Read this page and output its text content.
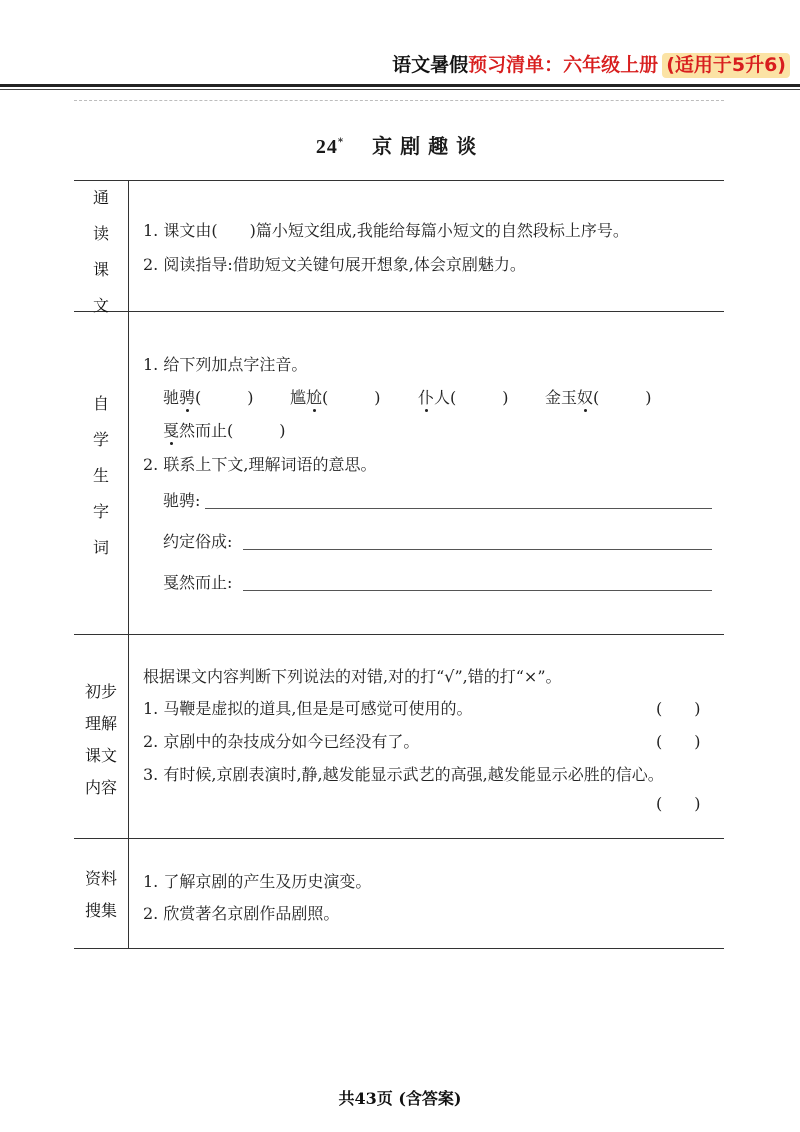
语文暑假预习清单：六年级上册 (适用于5升6)
24* 京剧趣谈
通
读
课
文
1. 课文由(　　)篇小短文组成,我能给每篇小短文的自然段标上序号。
2. 阅读指导:借助短文关键句展开想象,体会京剧魅力。
自
学
生
字
词
1. 给下列加点字注音。
驰骋(	) 尴尬(	) 仆人(	) 金玉奴(	)
戛然而止(	)
2. 联系上下文,理解词语的意思。
驰骋:
约定俗成:
戛然而止:
初步
理解
课文
内容
根据课文内容判断下列说法的对错,对的打“√”,错的打“×”。
1. 马鞭是虚拟的道具,但是是可感觉可使用的。	(　　)
2. 京剧中的杂技成分如今已经没有了。	(　　)
3. 有时候,京剧表演时,静,越发能显示武艺的高强,越发能显示必胜的信心。
(　　)
资料
搜集
1. 了解京剧的产生及历史演变。
2. 欣赏著名京剧作品剧照。
共43页 (含答案)
